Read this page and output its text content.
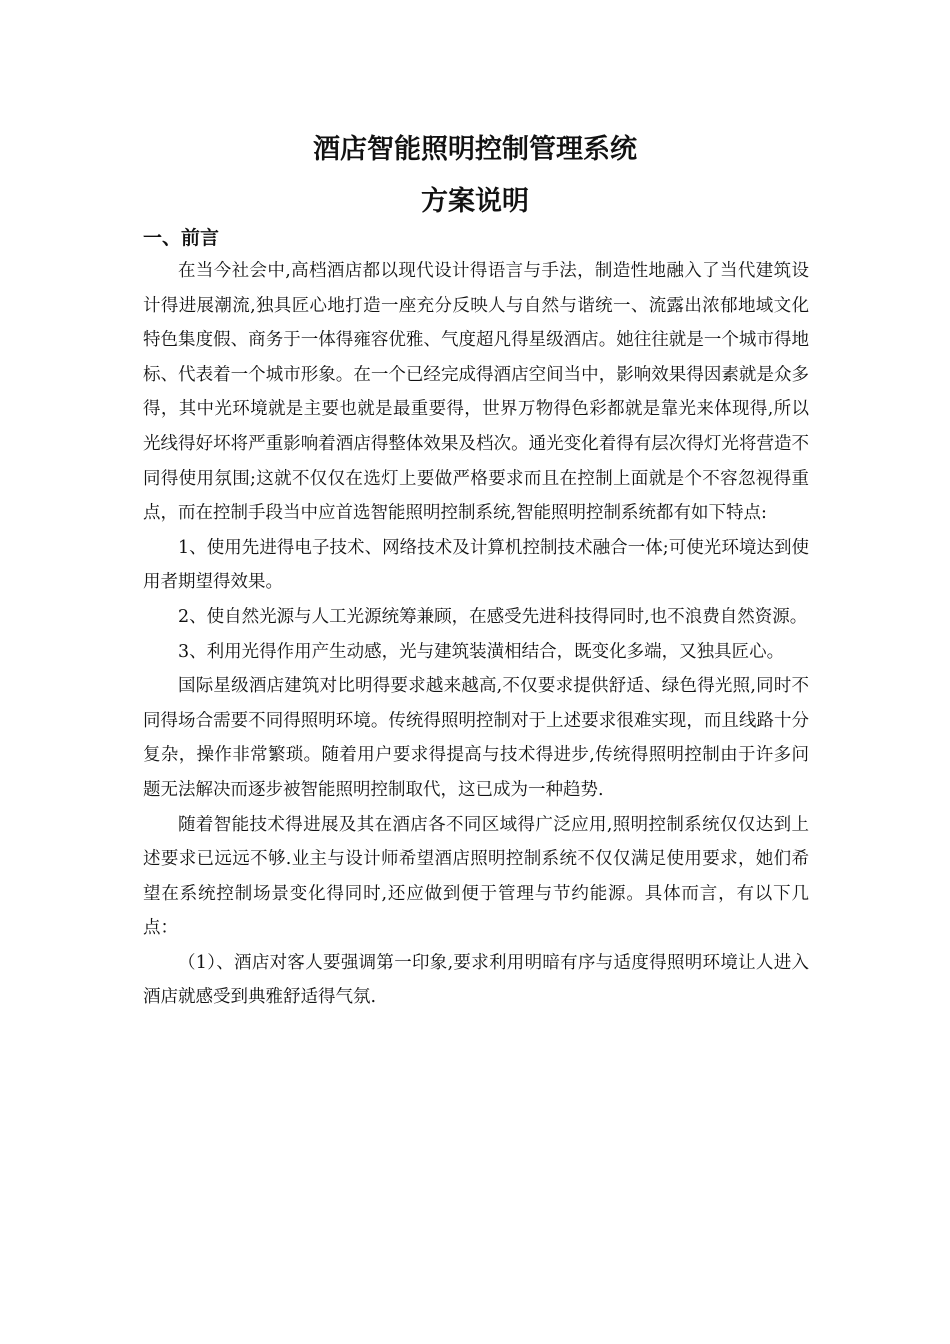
酒店智能照明控制管理系统
方案说明
一、前言

在当今社会中,高档酒店都以现代设计得语言与手法，制造性地融入了当代建筑设计得进展潮流,独具匠心地打造一座充分反映人与自然与谐统一、流露出浓郁地域文化特色集度假、商务于一体得雍容优雅、气度超凡得星级酒店。她往往就是一个城市得地标、代表着一个城市形象。在一个已经完成得酒店空间当中，影响效果得因素就是众多得，其中光环境就是主要也就是最重要得，世界万物得色彩都就是靠光来体现得,所以光线得好坏将严重影响着酒店得整体效果及档次。通光变化着得有层次得灯光将营造不同得使用氛围;这就不仅仅在选灯上要做严格要求而且在控制上面就是个不容忽视得重点，而在控制手段当中应首选智能照明控制系统,智能照明控制系统都有如下特点:

1、使用先进得电子技术、网络技术及计算机控制技术融合一体;可使光环境达到使用者期望得效果。

2、使自然光源与人工光源统筹兼顾，在感受先进科技得同时,也不浪费自然资源。

3、利用光得作用产生动感，光与建筑装潢相结合，既变化多端，又独具匠心。

国际星级酒店建筑对比明得要求越来越高,不仅要求提供舒适、绿色得光照,同时不同得场合需要不同得照明环境。传统得照明控制对于上述要求很难实现，而且线路十分复杂，操作非常繁琐。随着用户要求得提高与技术得进步,传统得照明控制由于许多问题无法解决而逐步被智能照明控制取代，这已成为一种趋势.

随着智能技术得进展及其在酒店各不同区域得广泛应用,照明控制系统仅仅达到上述要求已远远不够.业主与设计师希望酒店照明控制系统不仅仅满足使用要求，她们希望在系统控制场景变化得同时,还应做到便于管理与节约能源。具体而言，有以下几点：

（1）、酒店对客人要强调第一印象,要求利用明暗有序与适度得照明环境让人进入酒店就感受到典雅舒适得气氛.
